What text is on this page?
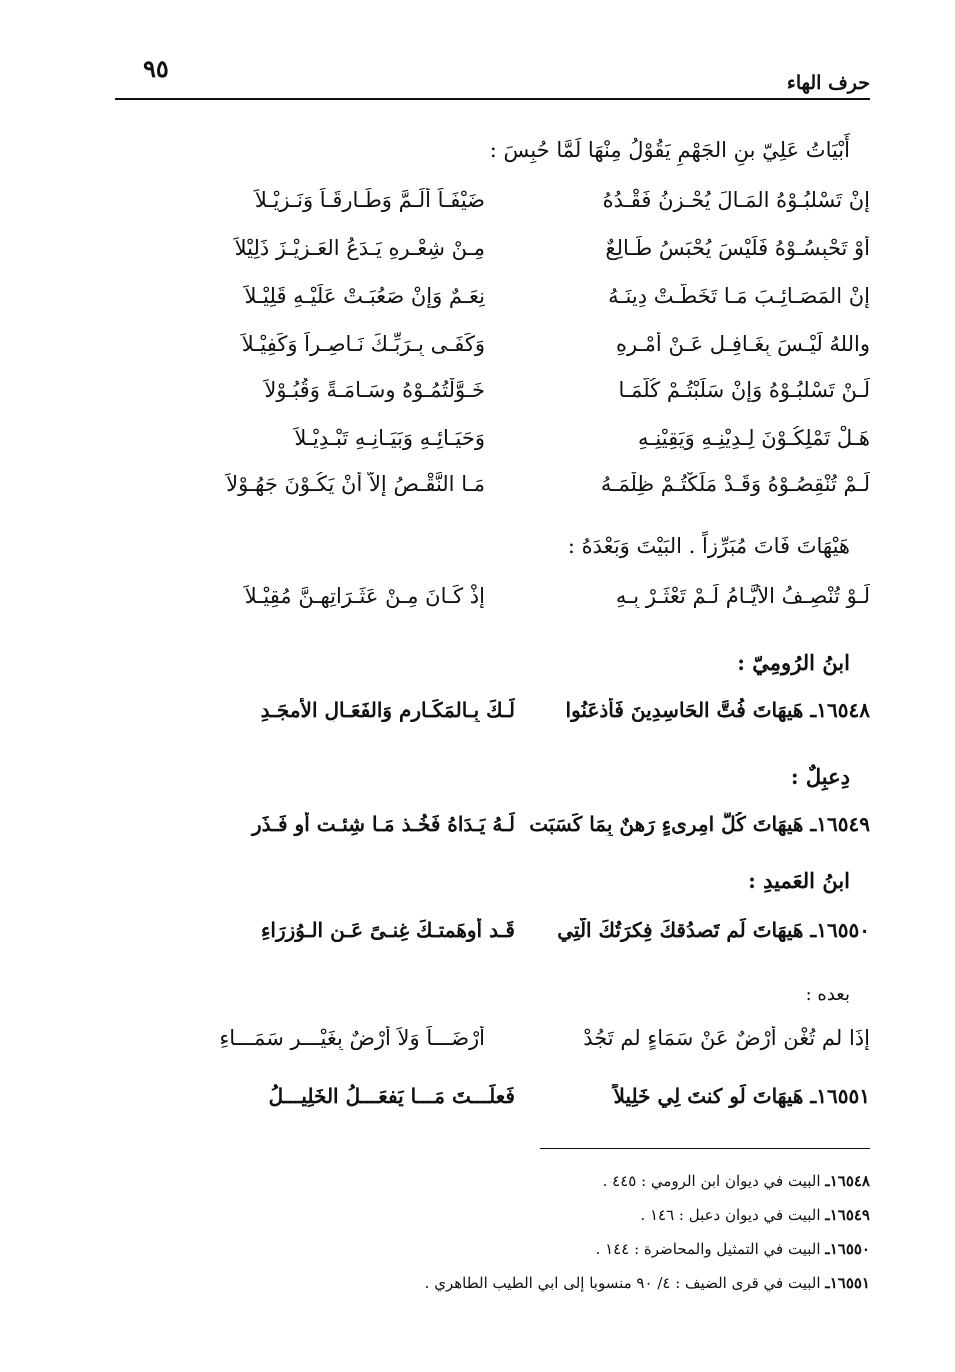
٩٥	حرف الهاء
أَبْيَاتُ عَلِيّ بنِ الجَهْمِ يَقُوْلُ مِنْهَا لَمَّا حُبِسَ :
إِنْ تَسْلبُـوْهُ المَـالَ يُحْـزِنُ فَقْـدُهُ
ضَيْفَـاً أَلَـمَّ وَطَـارِقَـاً وَنَـزِيْـلاَ
أَوْ تَحْبِسُـوْهُ فَلَيْسَ يُحْبَسُ طَـالِعٌ
مِـنْ شِعْـرِهِ يَـدَعُ العَـزِيْـزَ ذَلِيْلاَ
إِنْ المَصَـائِـبَ مَـا تَخَطَّـتْ دِينَـهُ
نِعَـمٌ وَإِنْ صَعُبَـتْ عَلَيْـهِ قَلِيْـلاَ
واللهُ لَيْـسَ بِغَـافِـلٍ عَـنْ أَمْـرِهِ
وَكَفَـى بِـرَبِّـكَ نَـاصِـراً وَكَفِيْـلاَ
لَـنْ تَسْلبُـوْهُ وَإِنْ سَلَبْتُـمْ كُلَّمَـا
خَـوَّلْتُمُـوْهُ وسَـامَـةً وَقُبُـوْلاَ
هَـلْ تَمْلِكُـوْنَ لِـدِيْنِـهِ وَيَقِيْنِـهِ
وَحَيَـائِـهِ وَبَيَـانِـهِ تَبْـدِيْـلاَ
لَـمْ تُنْقِصُـوْهُ وَقَـدْ مَلَكْتُـمْ ظِلْمَـهُ
مَـا النَّقْـصُ إِلاَّ أَنْ يَكُـوْنَ جَهُـوْلاَ
هَيْهَاتَ فَاتَ مُبَرِّزاً . البَيْتَ وَبَعْدَهُ :
لَـوْ تُنْصِـفُ الأَيَّـامُ لَـمْ تَعْثَـرْ بِـهِ
إِذْ كَـانَ مِـنْ عَثَـرَاتِهِـنَّ مُقِيْـلاَ
ابنُ الرُومِيّ :
١٦٥٤٨ـ هَيهَاتَ فُتَّ الحَاسِدِينَ فَأَذعَنُوا
لَـكَ بِـالمَكَـارِمِ وَالفَعَـالِ الأَمجَـدِ
دِعبِلٌ :
١٦٥٤٩ـ هَيهَاتَ كُلُّ امِرىءٍ رَهنٌ بِمَا كَسَبَت
لَـهُ يَـدَاهُ فَخُـذ مَـا شِئـت أَو فَـذَرِ
ابنُ العَميدِ :
١٦٥٥٠ـ هَيهَاتَ لَم تَصدُقكَ فِكرَتُكَ الَّتِي
قَـد أَوهَمتـكَ غِنـىً عَـنِ الـوُزرَاءِ
بعده :
إِذَا لم تُغْنِ أَرْضٌ عَنْ سَمَاءٍ لم تَجُدْ
أَرْضَـــاً وَلاَ أَرْضٌ بِغَيْـــرِ سَمَـــاءِ
١٦٥٥١ـ هَيهَاتَ لَو كنتَ لِي خَلِيلاً
فَعلَـــتَ مَـــا يَفعَـــلُ الخَلِيـــلُ
١٦٥٤٨ـ البيت في ديوان ابن الرومي : ٤٤٥ .
١٦٥٤٩ـ البيت في ديوان دعبل : ١٤٦ .
١٦٥٥٠ـ البيت في التمثيل والمحاضرة : ١٤٤ .
١٦٥٥١ـ البيت في قرى الضيف : ٤/ ٩٠ منسوبا إلى ابي الطيب الطاهري .
